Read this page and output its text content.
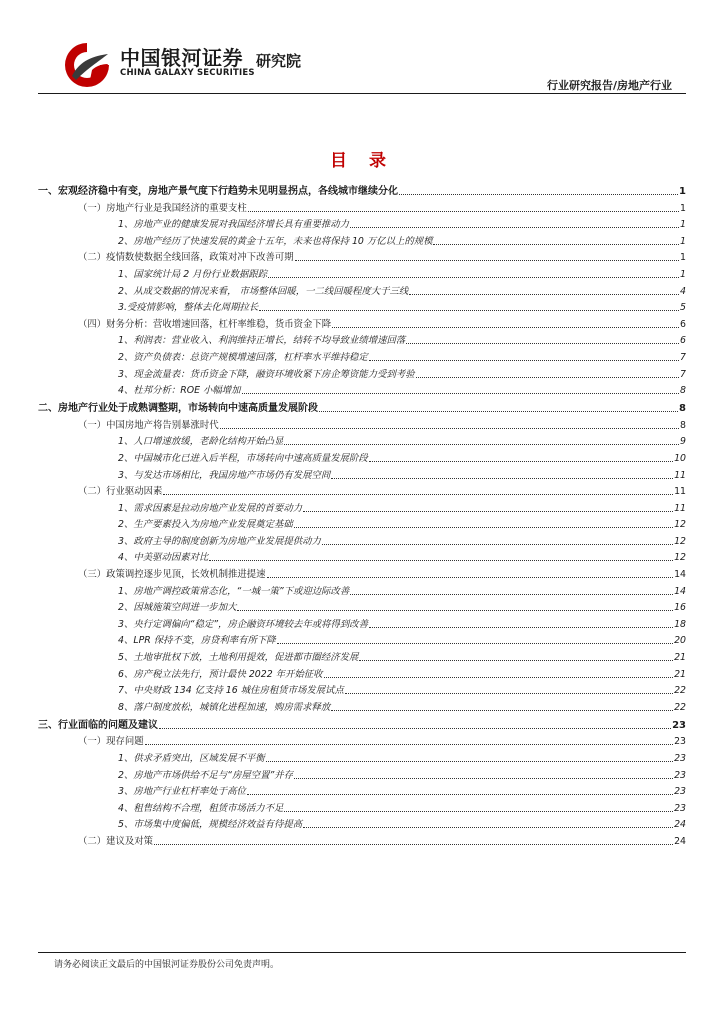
中国银河证券
CHINA GALAXY SECURITIES
研究院
行业研究报告/房地产行业
目 录
一、宏观经济稳中有变，房地产景气度下行趋势未见明显拐点，各线城市继续分化	1
（一）房地产行业是我国经济的重要支柱	1
1、房地产业的健康发展对我国经济增长具有重要推动力	1
2、房地产经历了快速发展的黄金十五年，未来也将保持 10 万亿以上的规模	1
（二）疫情数使数据全线回落，政策对冲下改善可期	1
1、国家统计局 2 月份行业数据跟踪	1
2、从成交数据的情况来看， 市场整体回暖，一二线回暖程度大于三线	4
3.受疫情影响，整体去化周期拉长	5
（四）财务分析：营收增速回落，杠杆率维稳，货币资金下降	6
1、利润表：营业收入、利润维持正增长，结转不均导致业绩增速回落	6
2、资产负债表：总资产规模增速回落，杠杆率水平维持稳定	7
3、现金流量表：货币资金下降，融资环境收紧下房企筹资能力受到考验	7
4、杜邦分析：ROE 小幅增加	8
二、房地产行业处于成熟调整期，市场转向中速高质量发展阶段	8
（一）中国房地产将告别暴涨时代	8
1、人口增速放缓，老龄化结构开始凸显	9
2、中国城市化已进入后半程，市场转向中速高质量发展阶段	10
3、与发达市场相比，我国房地产市场仍有发展空间	11
（二）行业驱动因素	11
1、需求因素是拉动房地产业发展的首要动力	11
2、生产要素投入为房地产业发展奠定基础	12
3、政府主导的制度创新为房地产业发展提供动力	12
4、中美驱动因素对比	12
（三）政策调控逐步见顶，长效机制推进提速	14
1、房地产调控政策常态化，“一城一策”下或迎边际改善	14
2、因城施策空间进一步加大	16
3、央行定调偏向“稳定”，房企融资环境较去年或将得到改善	18
4、LPR 保持不变，房贷利率有所下降	20
5、土地审批权下放，土地利用提效，促进都市圈经济发展	21
6、房产税立法先行，预计最快 2022 年开始征收	21
7、中央财政 134 亿支持 16 城住房租赁市场发展试点	22
8、落户制度放松，城镇化进程加速，购房需求释放	22
三、行业面临的问题及建议	23
（一）现存问题	23
1、供求矛盾突出，区域发展不平衡	23
2、房地产市场供给不足与“房屋空置”并存	23
3、房地产行业杠杆率处于高位	23
4、租售结构不合理，租赁市场活力不足	23
5、市场集中度偏低，规模经济效益有待提高	24
（二）建议及对策	24
请务必阅读正文最后的中国银河证券股份公司免责声明。
